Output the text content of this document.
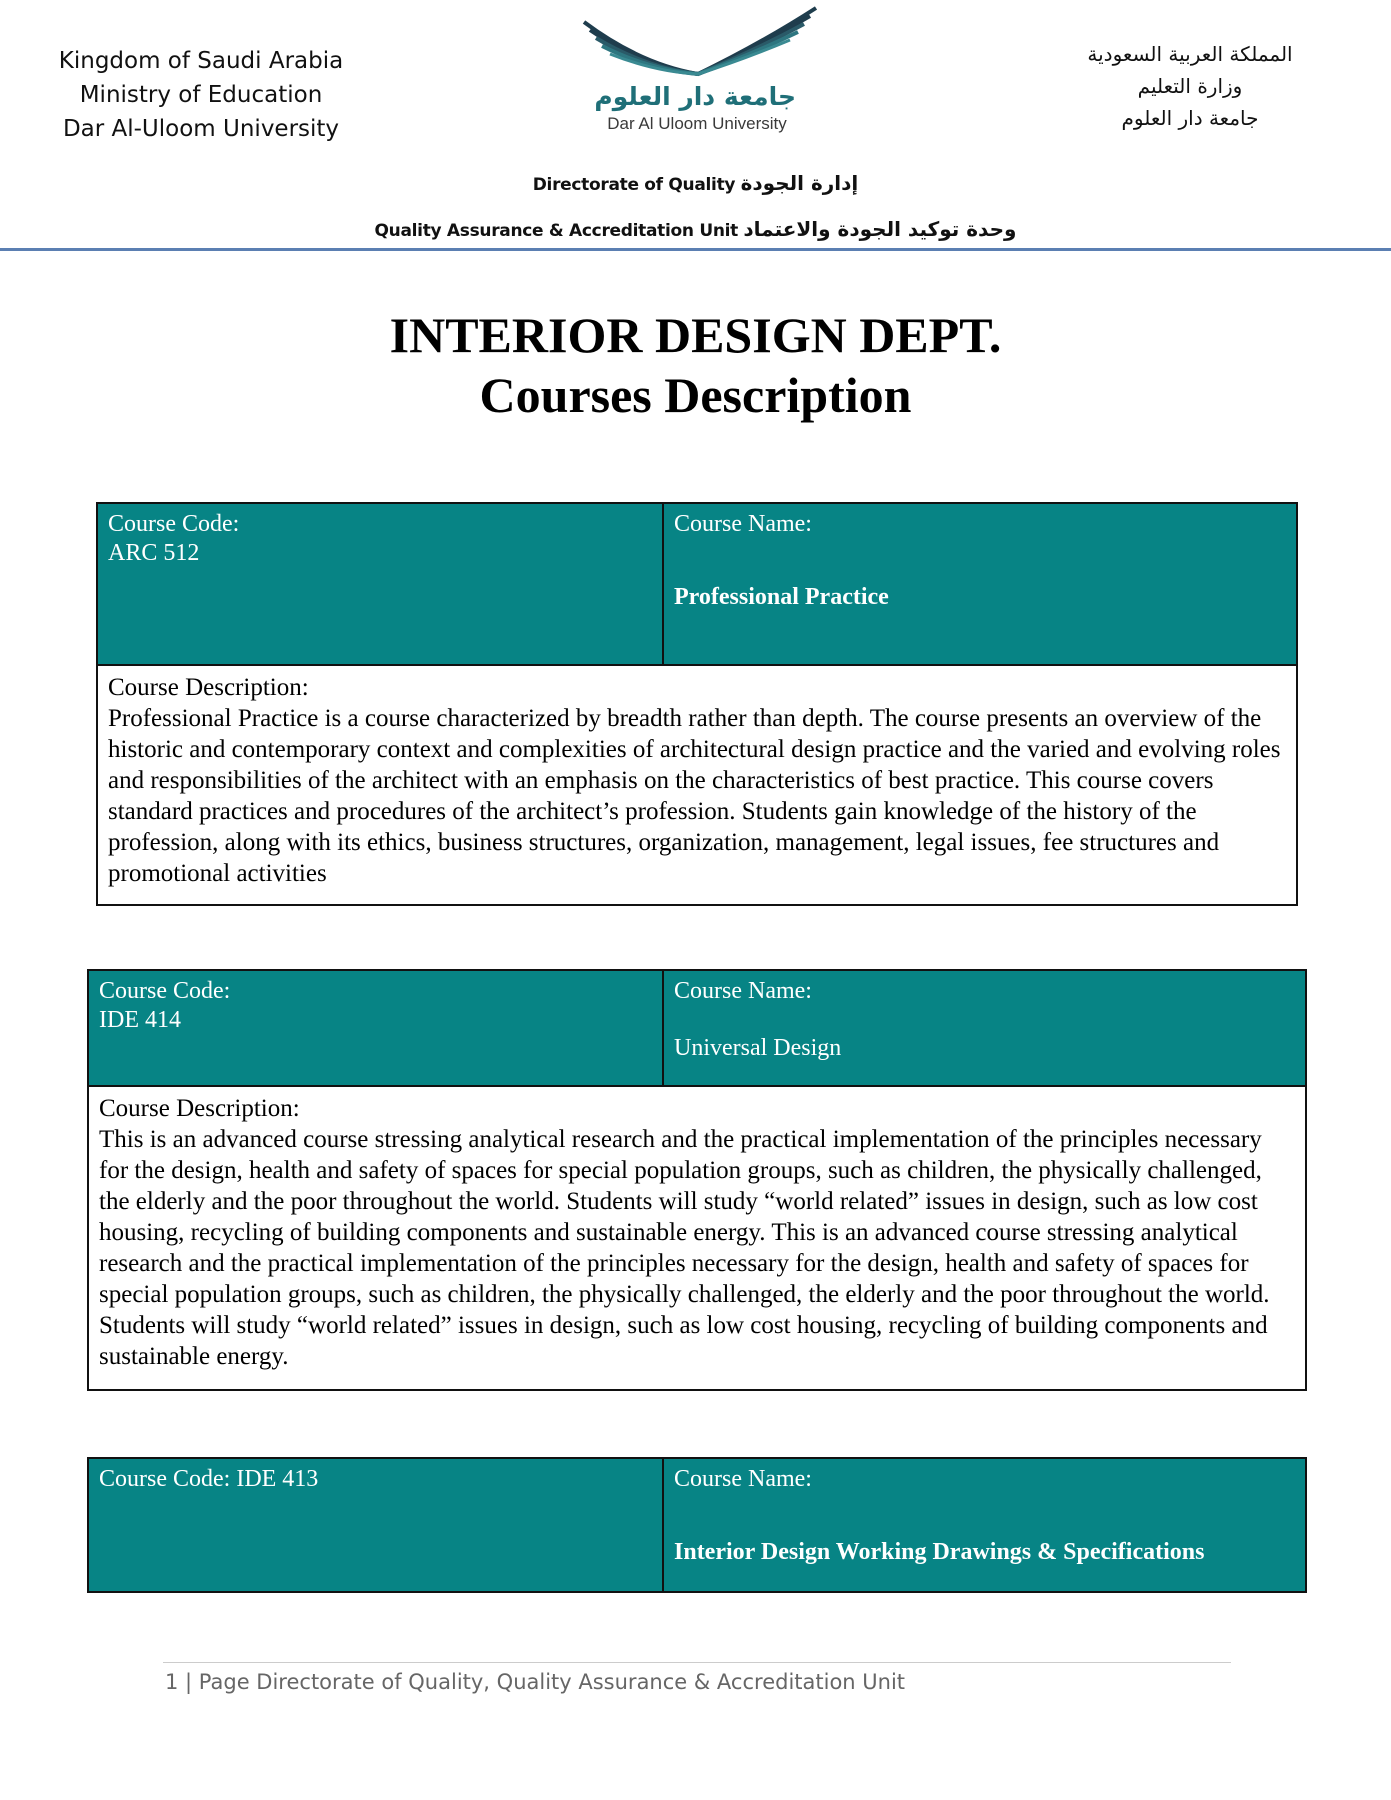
Kingdom of Saudi Arabia
Ministry of Education
Dar Al-Uloom University
جامعة دار العلوم
Dar Al Uloom University
المملكة العربية السعودية
وزارة التعليم
جامعة دار العلوم
Directorate of Quality إدارة الجودة
Quality Assurance & Accreditation Unit وحدة توكيد الجودة والاعتماد
INTERIOR DESIGN DEPT.
Courses Description
Course Code:
ARC 512

Course Name:
Professional Practice

Course Description:
Professional Practice is a course characterized by breadth rather than depth. The course presents an overview of the historic and contemporary context and complexities of architectural design practice and the varied and evolving roles and responsibilities of the architect with an emphasis on the characteristics of best practice. This course covers standard practices and procedures of the architect’s profession. Students gain knowledge of the history of the profession, along with its ethics, business structures, organization, management, legal issues, fee structures and promotional activities
Course Code:
IDE 414

Course Name:
Universal Design

Course Description:
This is an advanced course stressing analytical research and the practical implementation of the principles necessary for the design, health and safety of spaces for special population groups, such as children, the physically challenged, the elderly and the poor throughout the world. Students will study “world related” issues in design, such as low cost housing, recycling of building components and sustainable energy. This is an advanced course stressing analytical research and the practical implementation of the principles necessary for the design, health and safety of spaces for special population groups, such as children, the physically challenged, the elderly and the poor throughout the world. Students will study “world related” issues in design, such as low cost housing, recycling of building components and sustainable energy.
Course Code: IDE 413	Course Name:
Interior Design Working Drawings & Specifications
1 | Page Directorate of Quality, Quality Assurance & Accreditation Unit
